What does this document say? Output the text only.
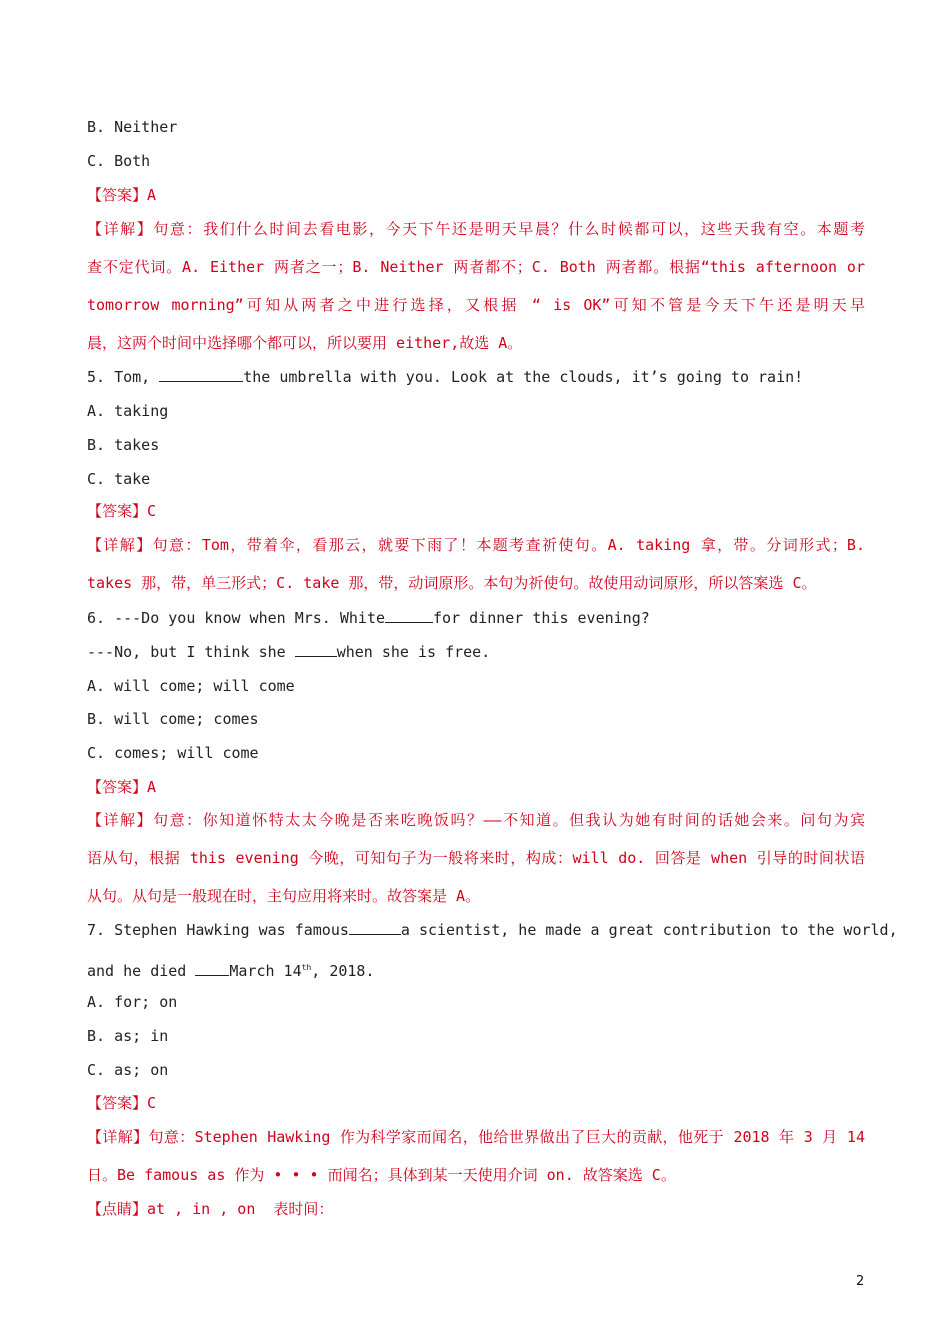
B. Neither
C. Both
【答案】A
【详解】句意：我们什么时间去看电影，今天下午还是明天早晨？什么时候都可以，这些天我有空。本题考
查不定代词。A. Either 两者之一；B. Neither 两者都不；C. Both 两者都。根据“this afternoon or
tomorrow morning”可知从两者之中进行选择，又根据 “ is OK”可知不管是今天下午还是明天早
晨，这两个时间中选择哪个都可以，所以要用 either,故选 A。
5. Tom,	the umbrella with you. Look at the clouds, it’s going to rain!
A. taking
B. takes
C. take
【答案】C
【详解】句意：Tom，带着伞，看那云，就要下雨了！本题考查祈使句。A. taking 拿，带。分词形式；B.
takes 那，带，单三形式；C. take 那，带，动词原形。本句为祈使句。故使用动词原形，所以答案选 C。
6. ---Do you know when Mrs. White	for dinner this evening?
---No, but I think she	when she is free.
A. will come; will come
B. will come; comes
C. comes; will come
【答案】A
【详解】句意：你知道怀特太太今晚是否来吃晚饭吗？——不知道。但我认为她有时间的话她会来。问句为宾
语从句，根据 this evening 今晚，可知句子为一般将来时，构成：will do. 回答是 when 引导的时间状语
从句。从句是一般现在时，主句应用将来时。故答案是 A。
7. Stephen Hawking was famous	a scientist, he made a great contribution to the world,
and he died March 14th, 2018.
A. for; on
B. as; in
C. as; on
【答案】C
【详解】句意：Stephen Hawking 作为科学家而闻名，他给世界做出了巨大的贡献，他死于 2018 年 3 月 14
日。Be famous as 作为 • • • 而闻名；具体到某一天使用介词 on. 故答案选 C。
【点睛】at , in , on  表时间：
2
